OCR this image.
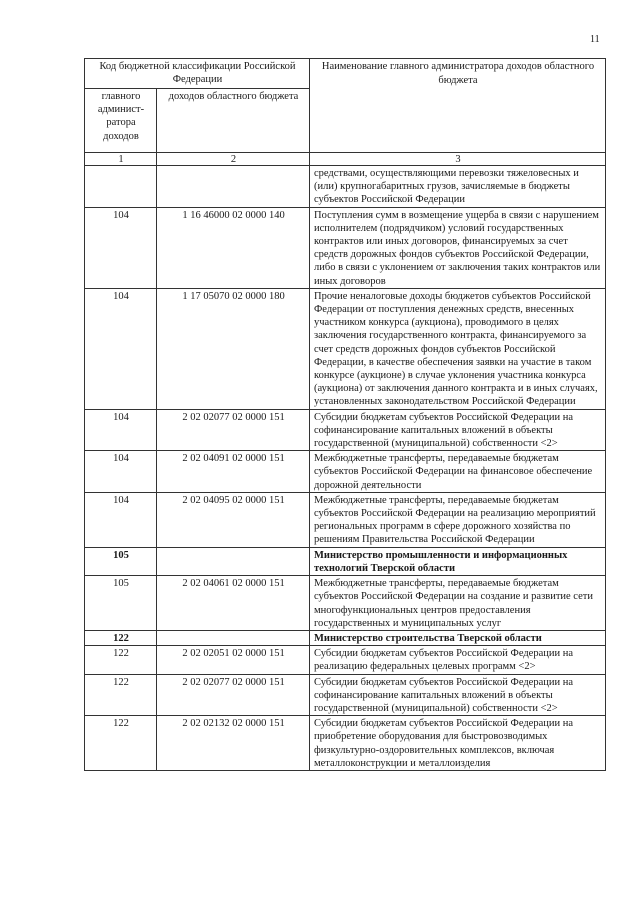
11
Код бюджетной классификации Российской Федерации		Наименование главного администратора доходов областного бюджета
главного админист-ратора доходов	доходов областного бюджета	
1	2	3
		средствами, осуществляющими перевозки тяжеловесных и (или) крупногабаритных грузов, зачисляемые в бюджеты субъектов Российской Федерации
104	1 16 46000 02 0000 140	Поступления сумм в возмещение ущерба в связи с нарушением исполнителем (подрядчиком) условий государственных контрактов или иных договоров, финансируемых за счет средств дорожных фондов субъектов Российской Федерации, либо в связи с уклонением от заключения таких контрактов или иных договоров
104	1 17 05070 02 0000 180	Прочие неналоговые доходы бюджетов субъектов Российской Федерации от поступления денежных средств, внесенных участником конкурса (аукциона), проводимого в целях заключения государственного контракта, финансируемого за счет средств дорожных фондов субъектов Российской Федерации, в качестве обеспечения заявки на участие в таком конкурсе (аукционе) в случае уклонения участника конкурса (аукциона) от заключения данного контракта и в иных случаях, установленных законодательством Российской Федерации
104	2 02 02077 02 0000 151	Субсидии бюджетам субъектов Российской Федерации на софинансирование капитальных вложений в объекты государственной (муниципальной) собственности <2>
104	2 02 04091 02 0000 151	Межбюджетные трансферты, передаваемые бюджетам субъектов Российской Федерации на финансовое обеспечение дорожной деятельности
104	2 02 04095 02 0000 151	Межбюджетные трансферты, передаваемые бюджетам субъектов Российской Федерации на реализацию мероприятий региональных программ в сфере дорожного хозяйства по решениям Правительства Российской Федерации
105		Министерство промышленности и информационных технологий Тверской области
105	2 02 04061 02 0000 151	Межбюджетные трансферты, передаваемые бюджетам субъектов Российской Федерации на создание и развитие сети многофункциональных центров предоставления государственных и муниципальных услуг
122		Министерство строительства Тверской области
122	2 02 02051 02 0000 151	Субсидии бюджетам субъектов Российской Федерации на реализацию федеральных целевых программ <2>
122	2 02 02077 02 0000 151	Субсидии бюджетам субъектов Российской Федерации на софинансирование капитальных вложений в объекты государственной (муниципальной) собственности <2>
122	2 02 02132 02 0000 151	Субсидии бюджетам субъектов Российской Федерации на приобретение оборудования для быстровозводимых физкультурно-оздоровительных комплексов, включая металлоконструкции и металлоизделия
